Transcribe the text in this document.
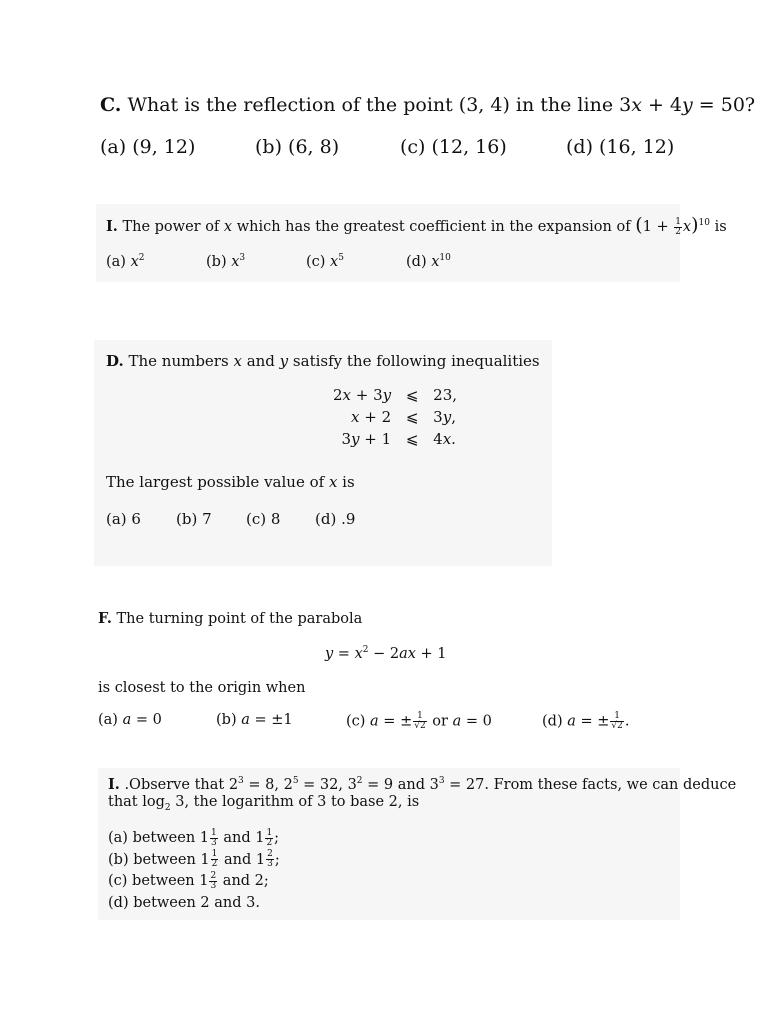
C. What is the reflection of the point (3, 4) in the line 3x + 4y = 50?
(a) (9, 12)	(b) (6, 8)	(c) (12, 16)	(d) (16, 12)
I. The power of x which has the greatest coefficient in the expansion of $(1 + \frac{1}{2} x)^{10}$ is
(a) $x^2$	(b) $x^3$	(c) $x^5$	(d) $x^{10}$
D. The numbers x and y satisfy the following inequalities
2x + 3y	⩽	23,
x + 2	⩽	3y,
3y + 1	⩽	4x.
The largest possible value of x is
(a) 6 (b) 7 (c) 8 (d) .9
F. The turning point of the parabola
$y = x^2 - 2ax + 1$
is closest to the origin when
(a) a = 0	(b) a = ±1	(c) a = ± $\frac{1}{√2}$ or a = 0	(d) a = ± $\frac{1}{√2}$ .
I. .Observe that $2^3 = 8$, $2^5 = 32$, $3^2 = 9$ and $3^3 = 27$. From these facts, we can deduce
that $\log_2 3$, the logarithm of 3 to base 2, is
(a) between $1 \frac{1}{3}$ and $1 \frac{1}{2}$ ;
(b) between $1 \frac{1}{2}$ and $1 \frac{2}{3}$ ;
(c) between $1 \frac{2}{3}$ and 2;
(d) between 2 and 3.
